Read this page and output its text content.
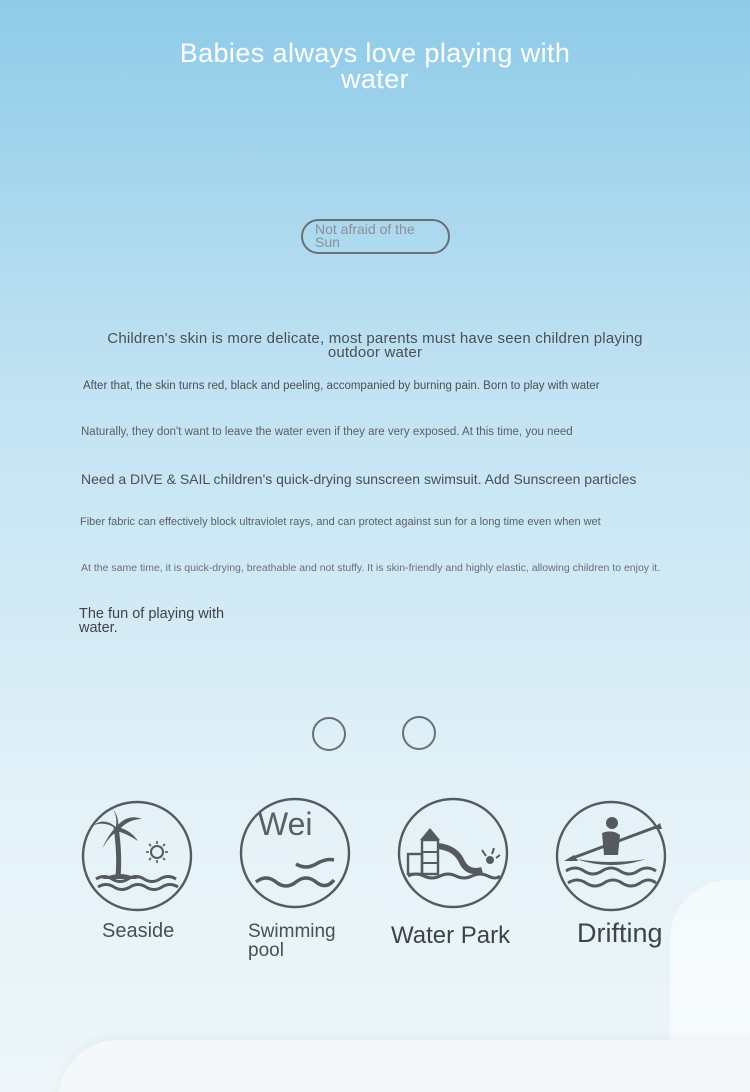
Babies always love playing with water
Not afraid of the Sun
Children's skin is more delicate, most parents must have seen children playing outdoor water
After that, the skin turns red, black and peeling, accompanied by burning pain. Born to play with water
Naturally, they don't want to leave the water even if they are very exposed. At this time, you need
Need a DIVE & SAIL children's quick-drying sunscreen swimsuit. Add Sunscreen particles
Fiber fabric can effectively block ultraviolet rays, and can protect against sun for a long time even when wet
At the same time, it is quick-drying, breathable and not stuffy. It is skin-friendly and highly elastic, allowing children to enjoy it.
The fun of playing with water.
Wei
Seaside	Swimming pool
Water Park Drifting
